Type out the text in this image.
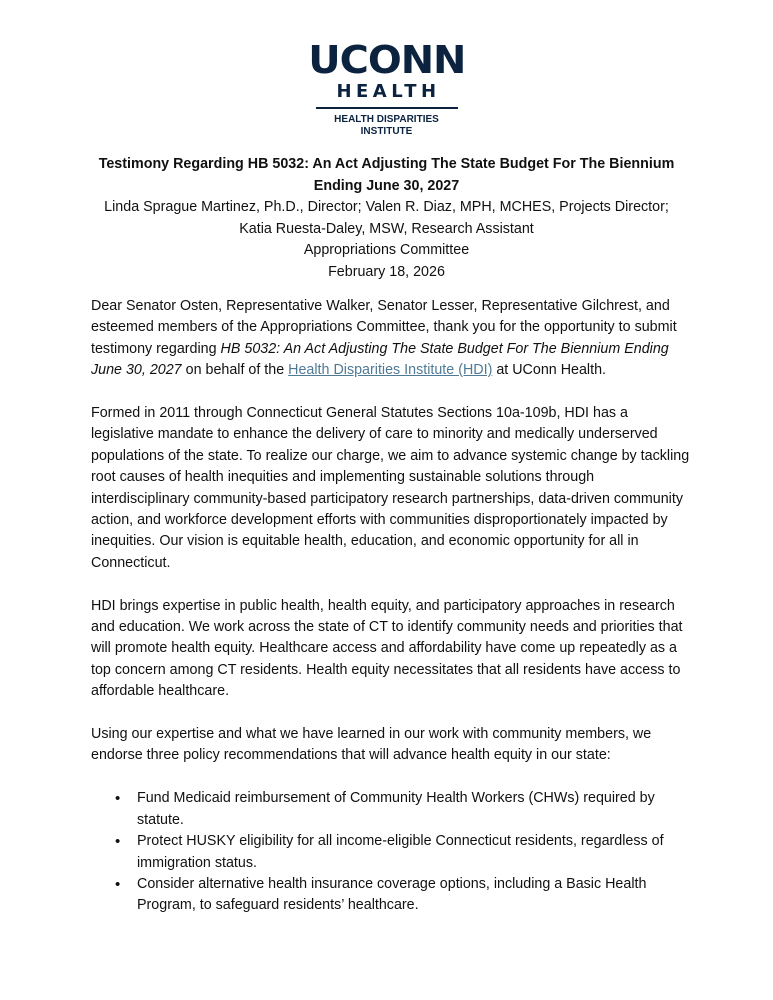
UCONN
HEALTH
HEALTH DISPARITIES
INSTITUTE
Testimony Regarding HB 5032: An Act Adjusting The State Budget For The Biennium
Ending June 30, 2027
Linda Sprague Martinez, Ph.D., Director; Valen R. Diaz, MPH, MCHES, Projects Director;
Katia Ruesta-Daley, MSW, Research Assistant
Appropriations Committee
February 18, 2026

Dear Senator Osten, Representative Walker, Senator Lesser, Representative Gilchrest, and esteemed members of the Appropriations Committee, thank you for the opportunity to submit testimony regarding HB 5032: An Act Adjusting The State Budget For The Biennium Ending June 30, 2027 on behalf of the Health Disparities Institute (HDI) at UConn Health.

Formed in 2011 through Connecticut General Statutes Sections 10a-109b, HDI has a legislative mandate to enhance the delivery of care to minority and medically underserved populations of the state. To realize our charge, we aim to advance systemic change by tackling root causes of health inequities and implementing sustainable solutions through interdisciplinary community-based participatory research partnerships, data-driven community action, and workforce development efforts with communities disproportionately impacted by inequities. Our vision is equitable health, education, and economic opportunity for all in Connecticut.

HDI brings expertise in public health, health equity, and participatory approaches in research and education. We work across the state of CT to identify community needs and priorities that will promote health equity. Healthcare access and affordability have come up repeatedly as a top concern among CT residents. Health equity necessitates that all residents have access to affordable healthcare.

Using our expertise and what we have learned in our work with community members, we endorse three policy recommendations that will advance health equity in our state:

• Fund Medicaid reimbursement of Community Health Workers (CHWs) required by statute.
• Protect HUSKY eligibility for all income-eligible Connecticut residents, regardless of immigration status.
• Consider alternative health insurance coverage options, including a Basic Health Program, to safeguard residents’ healthcare.
